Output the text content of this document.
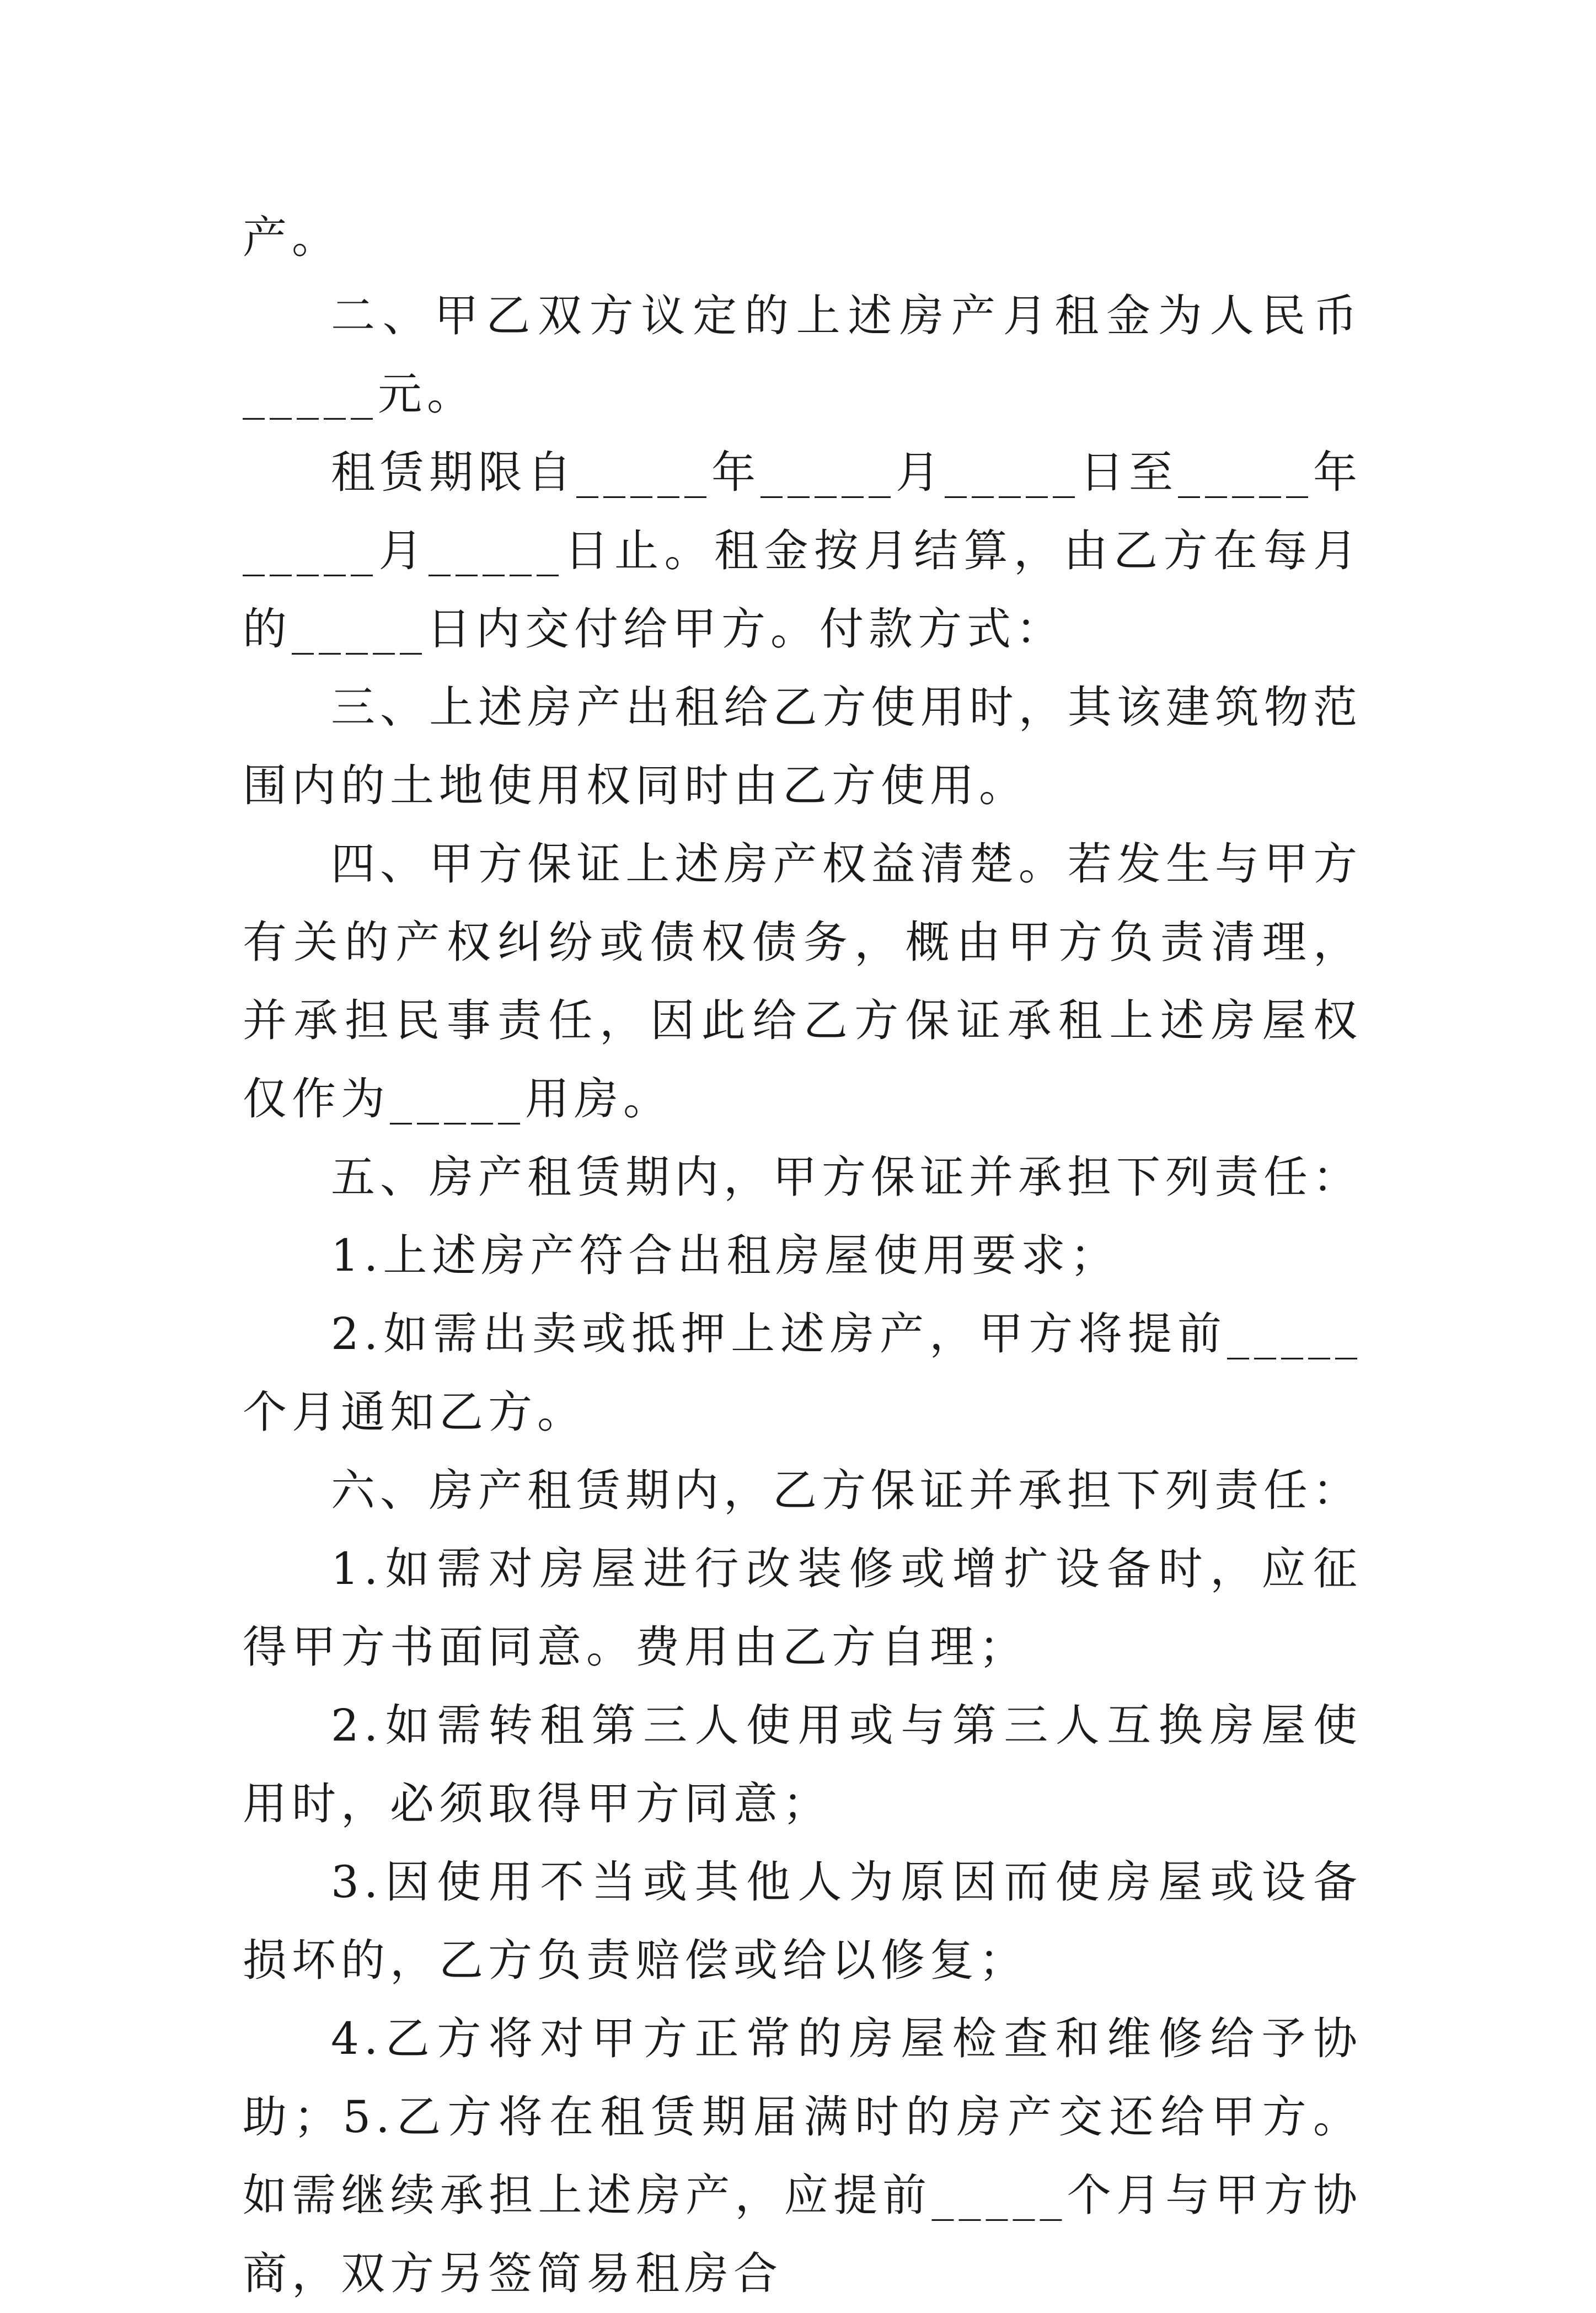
产。

二、甲乙双方议定的上述房产月租金为人民币_____元。

租赁期限自_____年_____月_____日至_____年_____月_____日止。租金按月结算，由乙方在每月的_____日内交付给甲方。付款方式：

三、上述房产出租给乙方使用时，其该建筑物范围内的土地使用权同时由乙方使用。

四、甲方保证上述房产权益清楚。若发生与甲方有关的产权纠纷或债权债务，概由甲方负责清理，并承担民事责任，因此给乙方保证承租上述房屋权仅作为_____用房。

五、房产租赁期内，甲方保证并承担下列责任：

1.上述房产符合出租房屋使用要求；

2.如需出卖或抵押上述房产，甲方将提前_____个月通知乙方。

六、房产租赁期内，乙方保证并承担下列责任：

1.如需对房屋进行改装修或增扩设备时，应征得甲方书面同意。费用由乙方自理；

2.如需转租第三人使用或与第三人互换房屋使用时，必须取得甲方同意；

3.因使用不当或其他人为原因而使房屋或设备损坏的，乙方负责赔偿或给以修复；

4.乙方将对甲方正常的房屋检查和维修给予协助；5.乙方将在租赁期届满时的房产交还给甲方。如需继续承担上述房产，应提前_____个月与甲方协商，双方另签简易租房合
